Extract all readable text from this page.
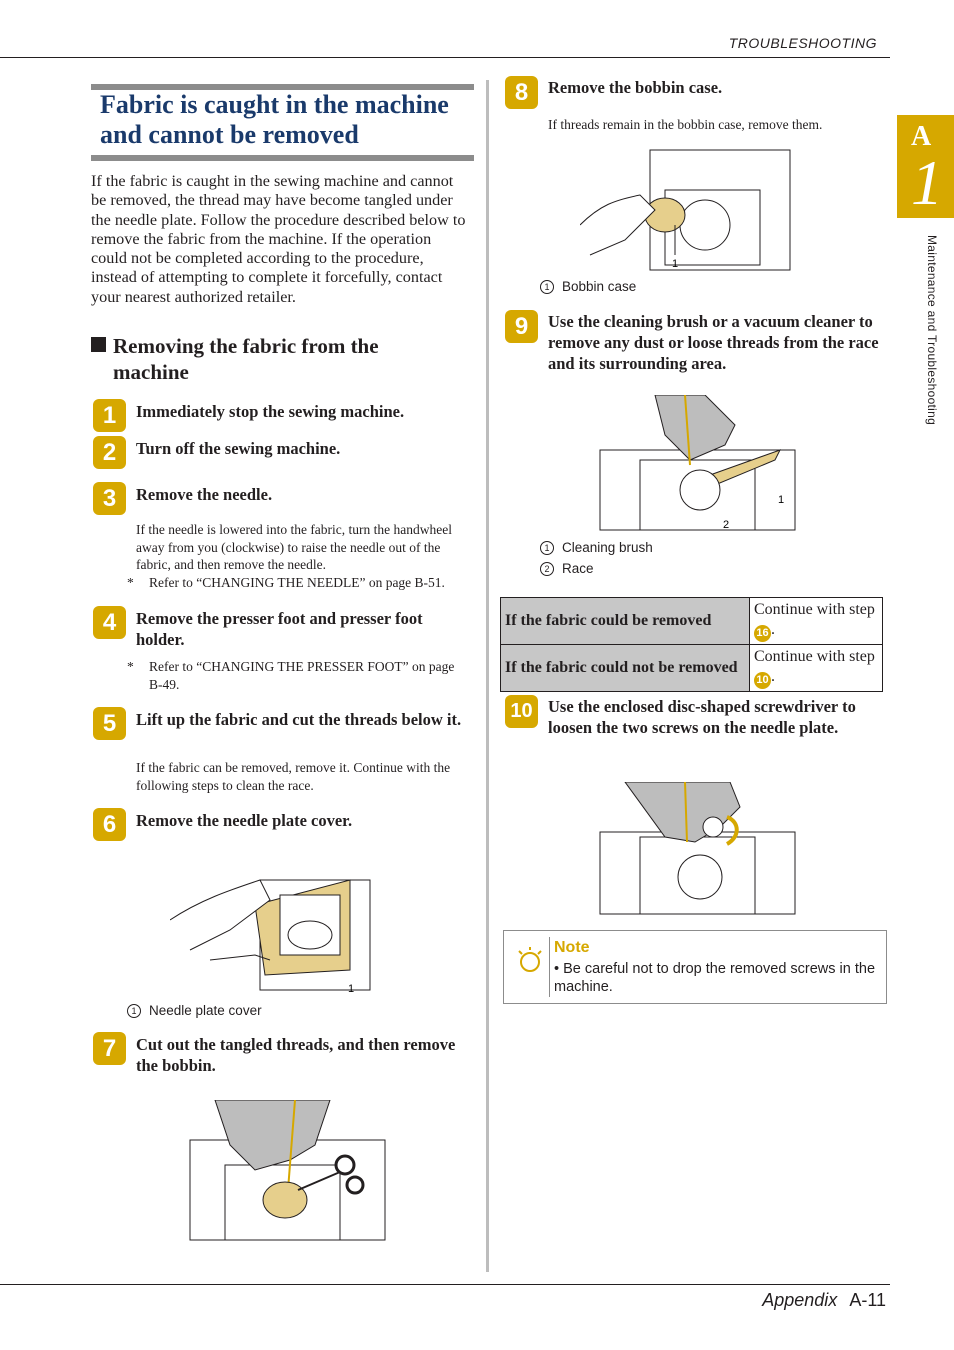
TROUBLESHOOTING
Appendix A-11
A
1
Maintenance and Troubleshooting
Fabric is caught in the machine and cannot be removed
If the fabric is caught in the sewing machine and cannot be removed, the thread may have become tangled under the needle plate. Follow the procedure described below to remove the fabric from the machine. If the operation could not be completed according to the procedure, instead of attempting to complete it forcefully, contact your nearest authorized retailer.
Removing the fabric from the
machine
1	Immediately stop the sewing machine.
2	Turn off the sewing machine.
3	Remove the needle.
If the needle is lowered into the fabric, turn the handwheel away from you (clockwise) to raise the needle out of the fabric, and then remove the needle.
* Refer to “CHANGING THE NEEDLE” on page B-51.
4	Remove the presser foot and presser foot holder.
* Refer to “CHANGING THE PRESSER FOOT” on page B-49.
5	Lift up the fabric and cut the threads below it.
If the fabric can be removed, remove it. Continue with the following steps to clean the race.
6	Remove the needle plate cover.
1
1 Needle plate cover
7	Cut out the tangled threads, and then remove the bobbin.
8	Remove the bobbin case.
If threads remain in the bobbin case, remove them.
1
1 Bobbin case
9	Use the cleaning brush or a vacuum cleaner to remove any dust or loose threads from the race and its surrounding area.
1
2
1 Cleaning brush
2 Race
If the fabric could be removed	Continue with step 16 .
If the fabric could not be removed	Continue with step 10 .
10 Use the enclosed disc-shaped screwdriver to loosen the two screws on the needle plate.
Note
• Be careful not to drop the removed screws in the machine.
